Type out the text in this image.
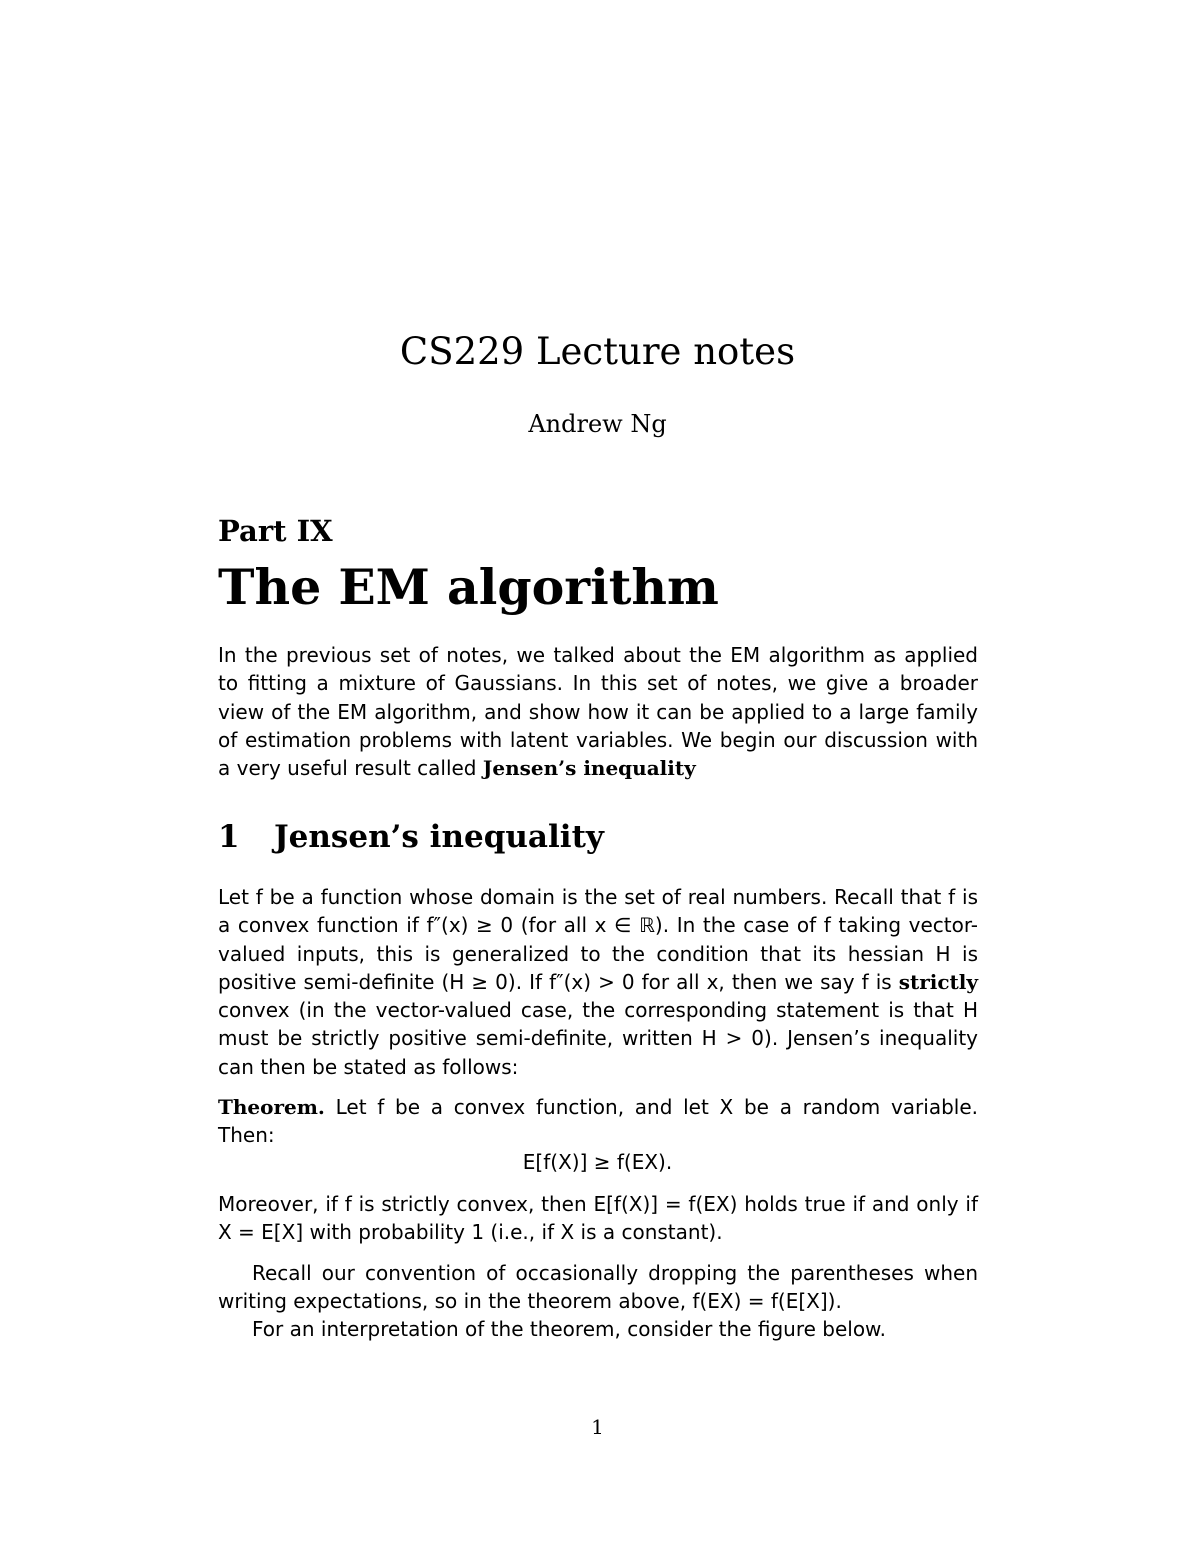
CS229 Lecture notes
Andrew Ng
Part IX
The EM algorithm

In the previous set of notes, we talked about the EM algorithm as applied to fitting a mixture of Gaussians. In this set of notes, we give a broader view of the EM algorithm, and show how it can be applied to a large family of estimation problems with latent variables. We begin our discussion with a very useful result called Jensen’s inequality

1 Jensen’s inequality

Let f be a function whose domain is the set of real numbers. Recall that f is a convex function if f″(x) ≥ 0 (for all x ∈ ℝ). In the case of f taking vector-valued inputs, this is generalized to the condition that its hessian H is positive semi-definite (H ≥ 0). If f″(x) > 0 for all x, then we say f is strictly convex (in the vector-valued case, the corresponding statement is that H must be strictly positive semi-definite, written H > 0). Jensen’s inequality can then be stated as follows:

Theorem. Let f be a convex function, and let X be a random variable. Then:

E[f(X)] ≥ f(EX).

Moreover, if f is strictly convex, then E[f(X)] = f(EX) holds true if and only if X = E[X] with probability 1 (i.e., if X is a constant).

Recall our convention of occasionally dropping the parentheses when writing expectations, so in the theorem above, f(EX) = f(E[X]).

For an interpretation of the theorem, consider the figure below.

1
